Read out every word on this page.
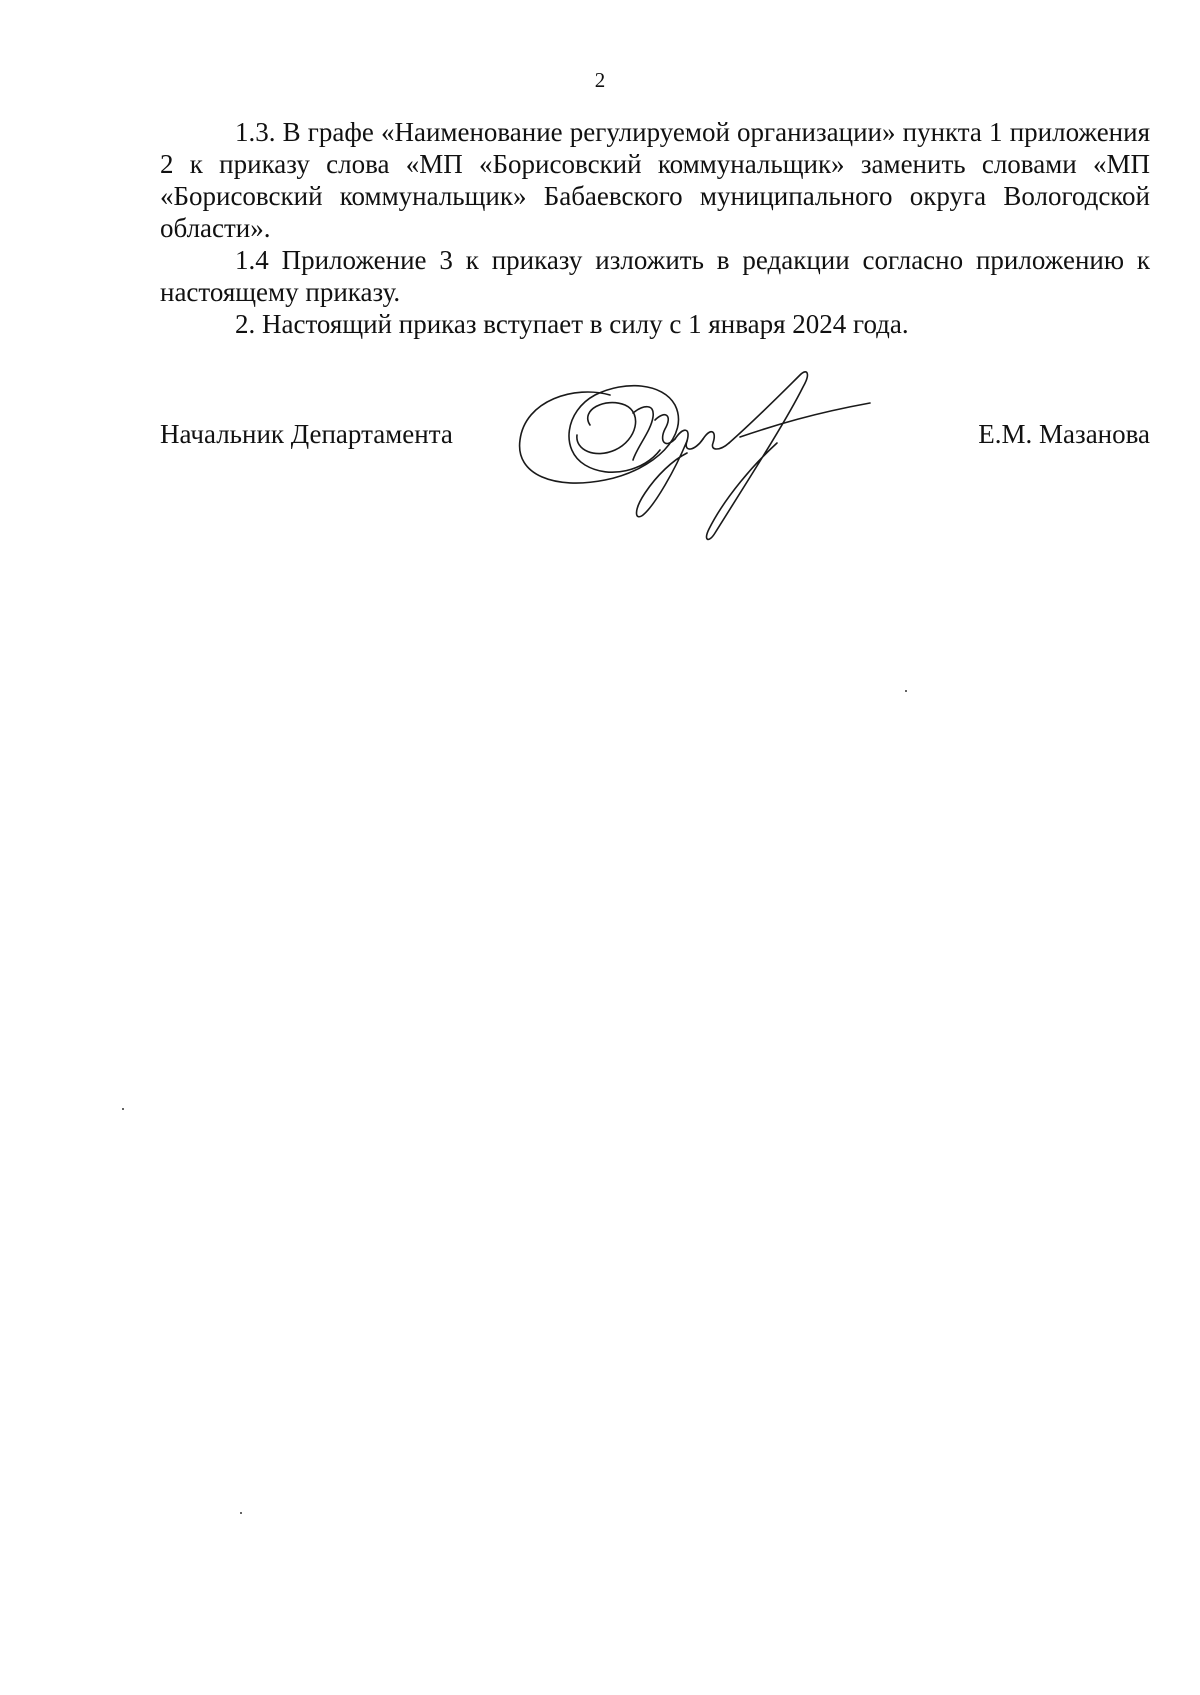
2

1.3. В графе «Наименование регулируемой организации» пункта 1 приложения 2 к приказу слова «МП «Борисовский коммунальщик» заменить словами «МП «Борисовский коммунальщик» Бабаевского муниципального округа Вологодской области».

1.4 Приложение 3 к приказу изложить в редакции согласно приложению к настоящему приказу.

2. Настоящий приказ вступает в силу с 1 января 2024 года.

Начальник Департамента	Е.М. Мазанова
